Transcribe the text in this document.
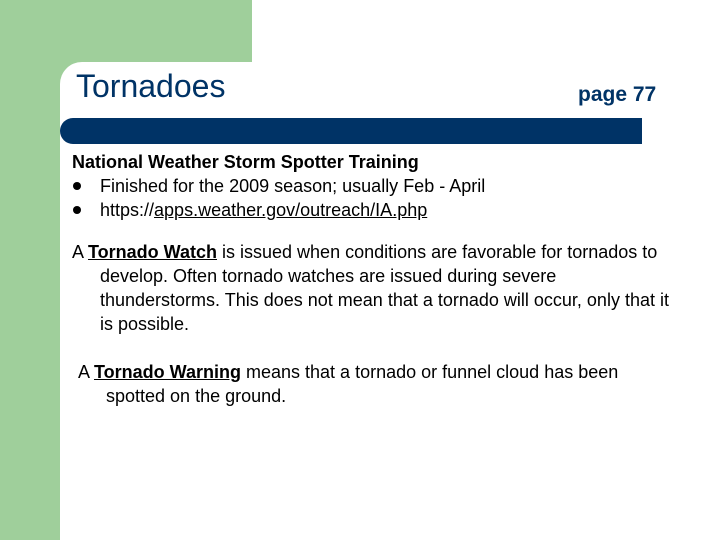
Tornadoes	page 77

National Weather Storm Spotter Training

Finished for the 2009 season; usually Feb - April
https://apps.weather.gov/outreach/IA.php

A Tornado Watch is issued when conditions are favorable for tornados to develop. Often tornado watches are issued during severe thunderstorms. This does not mean that a tornado will occur, only that it is possible.

A Tornado Warning means that a tornado or funnel cloud has been spotted on the ground.
